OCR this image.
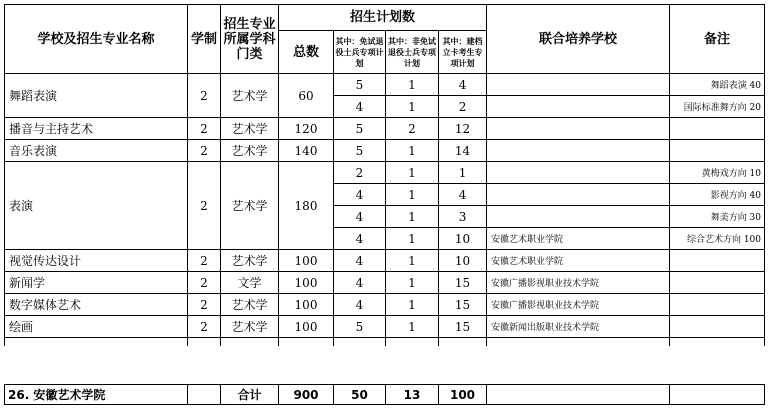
学校及招生专业名称	学制	招生专业所属学科门类	招生计划数				联合培养学校	备注
			总数	其中：免试退役士兵专项计划	其中：非免试退役士兵专项计划	其中：建档立卡考生专项计划		
舞蹈表演	2	艺术学	60	5	1	4		舞蹈表演 40
				4	1	2		国际标准舞方向 20
播音与主持艺术	2	艺术学	120	5	2	12		
音乐表演	2	艺术学	140	5	1	14		
表演	2	艺术学	180	2	1	1		黄梅戏方向 10
				4	1	4		影视方向 40
				4	1	3		舞美方向 30
				4	1	10	安徽艺术职业学院	综合艺术方向 100
视觉传达设计	2	艺术学	100	4	1	10	安徽艺术职业学院	
新闻学	2	文学	100	4	1	15	安徽广播影视职业技术学院	
数字媒体艺术	2	艺术学	100	4	1	15	安徽广播影视职业技术学院	
绘画	2	艺术学	100	5	1	15	安徽新闻出版职业技术学院	

26. 安徽艺术学院		合计	900	50	13	100		
